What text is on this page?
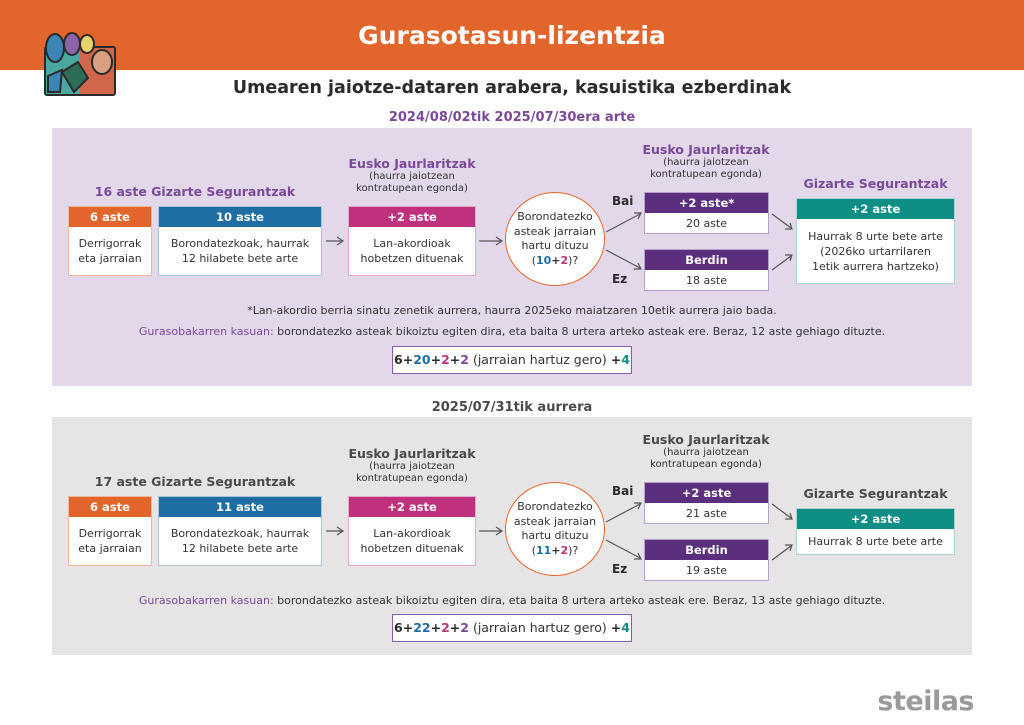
Gurasotasun-lizentzia
Umearen jaiotze-dataren arabera, kasuistika ezberdinak
2024/08/02tik 2025/07/30era arte
16 aste Gizarte Segurantzak
6 aste
Derrigorrak
eta jarraian
10 aste
Borondatezkoak, haurrak
12 hilabete bete arte
Eusko Jaurlaritzak
(haurra jaiotzean
kontratupean egonda)
+2 aste
Lan-akordioak
hobetzen dituenak
Borondatezko
asteak jarraian
hartu dituzu
(10+2)?
Bai
Ez
Eusko Jaurlaritzak
(haurra jaiotzean
kontratupean egonda)
+2 aste*
20 aste
Berdin
18 aste
Gizarte Segurantzak
+2 aste
Haurrak 8 urte bete arte
(2026ko urtarrilaren
1etik aurrera hartzeko)
*Lan-akordio berria sinatu zenetik aurrera, haurra 2025eko maiatzaren 10etik aurrera jaio bada.
Gurasobakarren kasuan: borondatezko asteak bikoiztu egiten dira, eta baita 8 urtera arteko asteak ere. Beraz, 12 aste gehiago dituzte.
6+20+2+2 (jarraian hartuz gero) +4
2025/07/31tik aurrera
17 aste Gizarte Segurantzak
6 aste
Derrigorrak
eta jarraian
11 aste
Borondatezkoak, haurrak
12 hilabete bete arte
Eusko Jaurlaritzak
(haurra jaiotzean
kontratupean egonda)
+2 aste
Lan-akordioak
hobetzen dituenak
Borondatezko
asteak jarraian
hartu dituzu
(11+2)?
Bai
Ez
Eusko Jaurlaritzak
(haurra jaiotzean
kontratupean egonda)
+2 aste
21 aste
Berdin
19 aste
Gizarte Segurantzak
+2 aste
Haurrak 8 urte bete arte
Gurasobakarren kasuan: borondatezko asteak bikoiztu egiten dira, eta baita 8 urtera arteko asteak ere. Beraz, 13 aste gehiago dituzte.
6+22+2+2 (jarraian hartuz gero) +4
steilas
